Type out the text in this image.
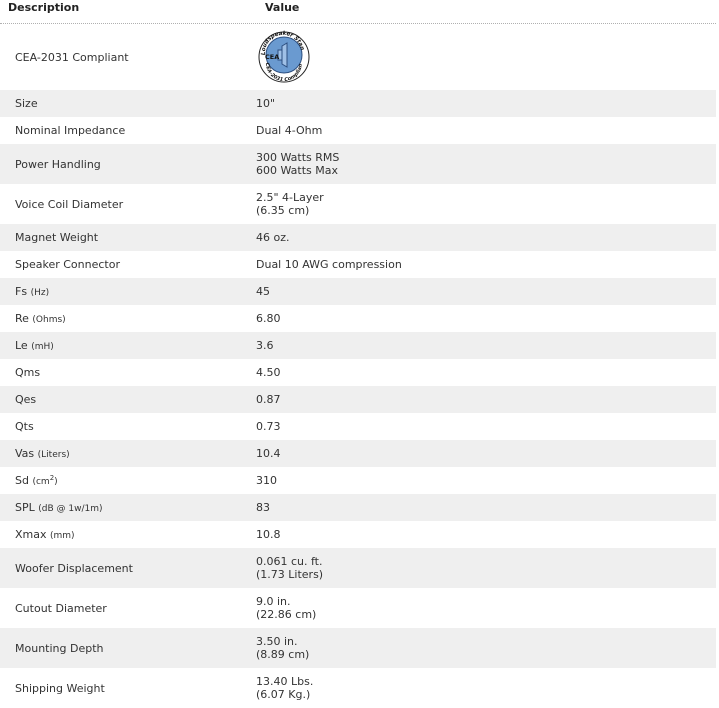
Description	Value
CEA-2031 Compliant	Loudspeaker Stan
CEA
CEA-2031 Complian
Size	10"
Nominal Impedance	Dual 4-Ohm
Power Handling	300 Watts RMS
600 Watts Max
Voice Coil Diameter	2.5" 4-Layer
(6.35 cm)
Magnet Weight	46 oz.
Speaker Connector	Dual 10 AWG compression
Fs (Hz)	45
Re (Ohms)	6.80
Le (mH)	3.6
Qms	4.50
Qes	0.87
Qts	0.73
Vas (Liters)	10.4
Sd $(cm^2)$	310
SPL (dB @ 1w/1m)	83
Xmax (mm)	10.8
Woofer Displacement	0.061 cu. ft.
(1.73 Liters)
Cutout Diameter	9.0 in.
(22.86 cm)
Mounting Depth	3.50 in.
(8.89 cm)
Shipping Weight	13.40 Lbs.
(6.07 Kg.)
